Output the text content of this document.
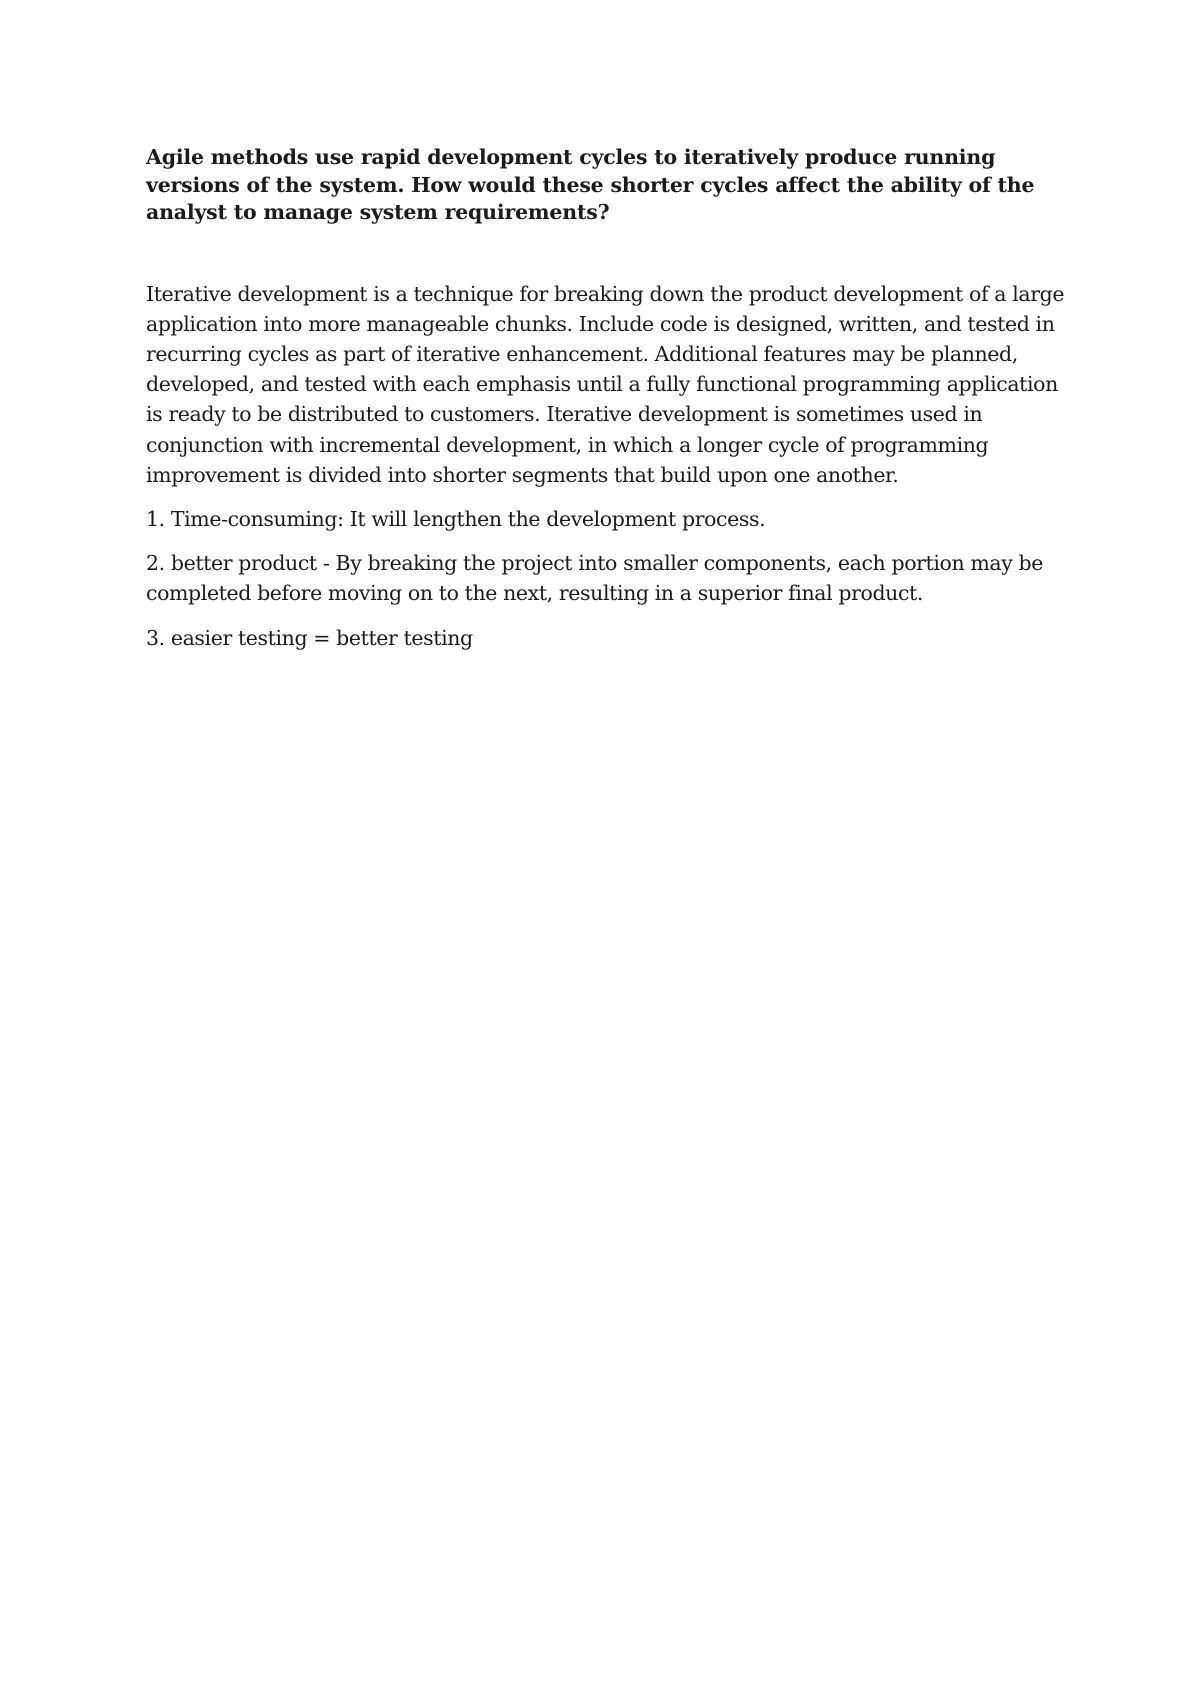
Agile methods use rapid development cycles to iteratively produce running versions of the system. How would these shorter cycles affect the ability of the analyst to manage system requirements?

Iterative development is a technique for breaking down the product development of a large application into more manageable chunks. Include code is designed, written, and tested in recurring cycles as part of iterative enhancement. Additional features may be planned, developed, and tested with each emphasis until a fully functional programming application is ready to be distributed to customers. Iterative development is sometimes used in conjunction with incremental development, in which a longer cycle of programming improvement is divided into shorter segments that build upon one another.

1. Time-consuming: It will lengthen the development process.

2. better product - By breaking the project into smaller components, each portion may be completed before moving on to the next, resulting in a superior final product.

3. easier testing = better testing
